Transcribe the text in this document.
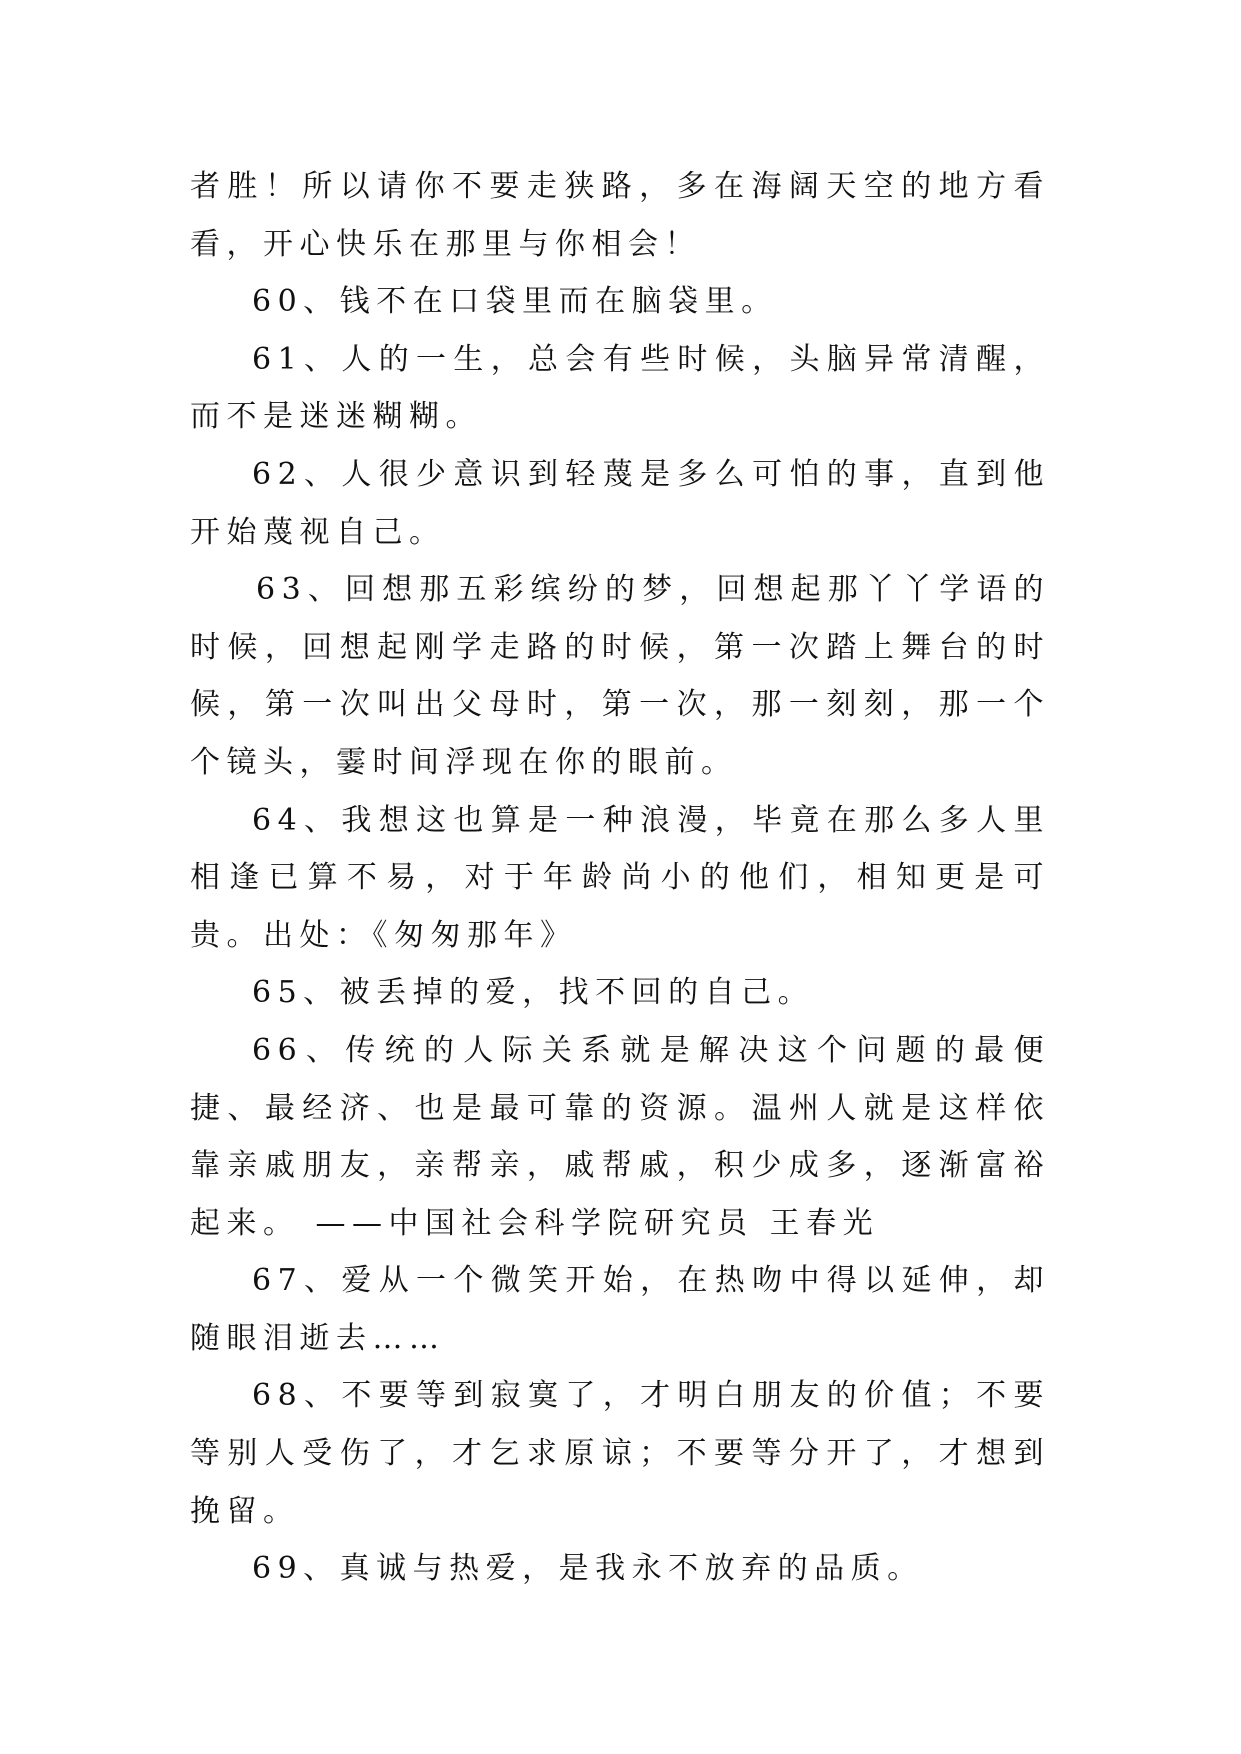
者胜！所以请你不要走狭路，多在海阔天空的地方看看，开心快乐在那里与你相会！

60、钱不在口袋里而在脑袋里。

61、人的一生，总会有些时候，头脑异常清醒，而不是迷迷糊糊。

62、人很少意识到轻蔑是多么可怕的事，直到他开始蔑视自己。

63、回想那五彩缤纷的梦，回想起那丫丫学语的时候，回想起刚学走路的时候，第一次踏上舞台的时候，第一次叫出父母时，第一次，那一刻刻，那一个个镜头，霎时间浮现在你的眼前。

64、我想这也算是一种浪漫，毕竟在那么多人里相逢已算不易，对于年龄尚小的他们，相知更是可贵。出处：《匆匆那年》

65、被丢掉的爱，找不回的自己。

66、传统的人际关系就是解决这个问题的最便捷、最经济、也是最可靠的资源。温州人就是这样依靠亲戚朋友，亲帮亲，戚帮戚，积少成多，逐渐富裕起来。 ——中国社会科学院研究员 王春光

67、爱从一个微笑开始，在热吻中得以延伸，却随眼泪逝去……

68、不要等到寂寞了，才明白朋友的价值；不要等别人受伤了，才乞求原谅；不要等分开了，才想到挽留。

69、真诚与热爱，是我永不放弃的品质。
